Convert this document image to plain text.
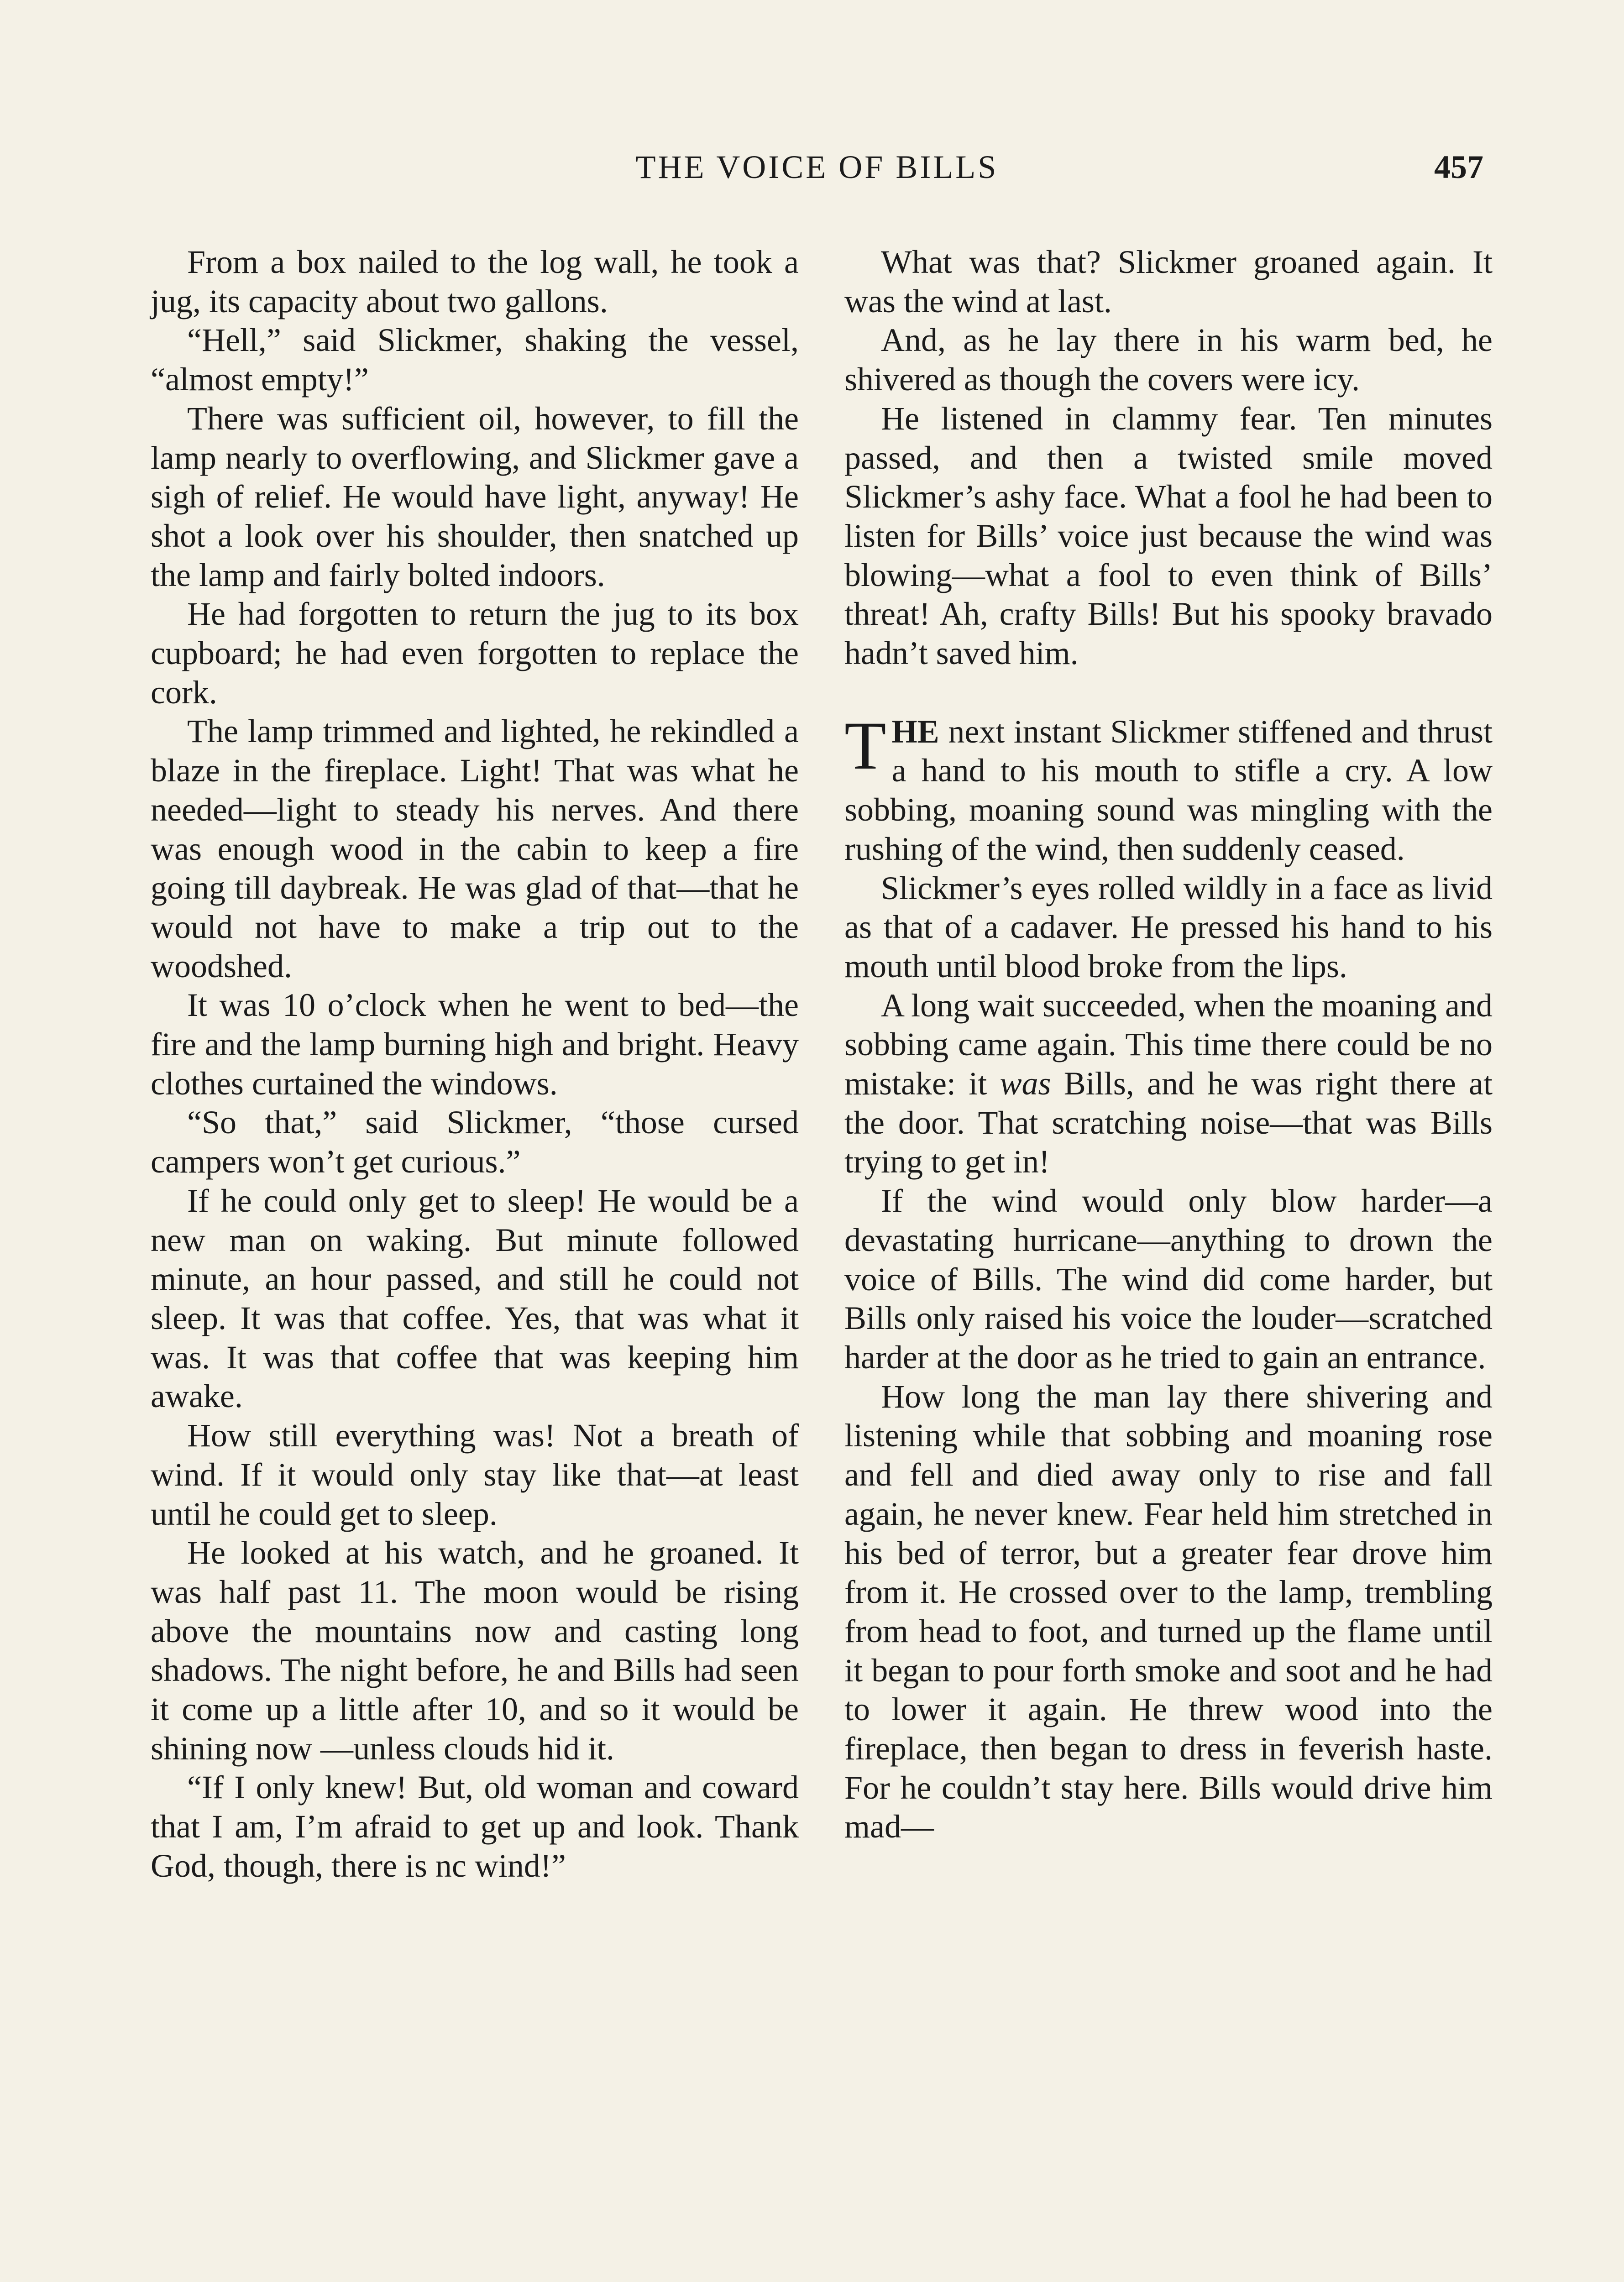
THE VOICE OF BILLS	457

From a box nailed to the log wall, he took a jug, its capacity about two gallons.

“Hell,” said Slickmer, shaking the vessel, “almost empty!”

There was sufficient oil, however, to fill the lamp nearly to overflowing, and Slickmer gave a sigh of relief. He would have light, anyway! He shot a look over his shoulder, then snatched up the lamp and fairly bolted indoors.

He had forgotten to return the jug to its box cupboard; he had even forgotten to replace the cork.

The lamp trimmed and lighted, he rekindled a blaze in the fireplace. Light! That was what he needed—light to steady his nerves. And there was enough wood in the cabin to keep a fire going till daybreak. He was glad of that—that he would not have to make a trip out to the woodshed.

It was 10 o’clock when he went to bed—the fire and the lamp burning high and bright. Heavy clothes curtained the windows.

“So that,” said Slickmer, “those cursed campers won’t get curious.”

If he could only get to sleep! He would be a new man on waking. But minute followed minute, an hour passed, and still he could not sleep. It was that coffee. Yes, that was what it was. It was that coffee that was keeping him awake.

How still everything was! Not a breath of wind. If it would only stay like that—at least until he could get to sleep.

He looked at his watch, and he groaned. It was half past 11. The moon would be rising above the mountains now and casting long shadows. The night before, he and Bills had seen it come up a little after 10, and so it would be shining now —unless clouds hid it.

“If I only knew! But, old woman and coward that I am, I’m afraid to get up and look. Thank God, though, there is nc wind!”

What was that? Slickmer groaned again. It was the wind at last.

And, as he lay there in his warm bed, he shivered as though the covers were icy.

He listened in clammy fear. Ten minutes passed, and then a twisted smile moved Slickmer’s ashy face. What a fool he had been to listen for Bills’ voice just because the wind was blowing—what a fool to even think of Bills’ threat! Ah, crafty Bills! But his spooky bravado hadn’t saved him.

THE next instant Slickmer stiffened and thrust a hand to his mouth to stifle a cry. A low sobbing, moaning sound was mingling with the rushing of the wind, then suddenly ceased.

Slickmer’s eyes rolled wildly in a face as livid as that of a cadaver. He pressed his hand to his mouth until blood broke from the lips.

A long wait succeeded, when the moaning and sobbing came again. This time there could be no mistake: it was Bills, and he was right there at the door. That scratching noise—that was Bills trying to get in!

If the wind would only blow harder—a devastating hurricane—anything to drown the voice of Bills. The wind did come harder, but Bills only raised his voice the louder—scratched harder at the door as he tried to gain an entrance.

How long the man lay there shivering and listening while that sobbing and moaning rose and fell and died away only to rise and fall again, he never knew. Fear held him stretched in his bed of terror, but a greater fear drove him from it. He crossed over to the lamp, trembling from head to foot, and turned up the flame until it began to pour forth smoke and soot and he had to lower it again. He threw wood into the fireplace, then began to dress in feverish haste. For he couldn’t stay here. Bills would drive him mad—
